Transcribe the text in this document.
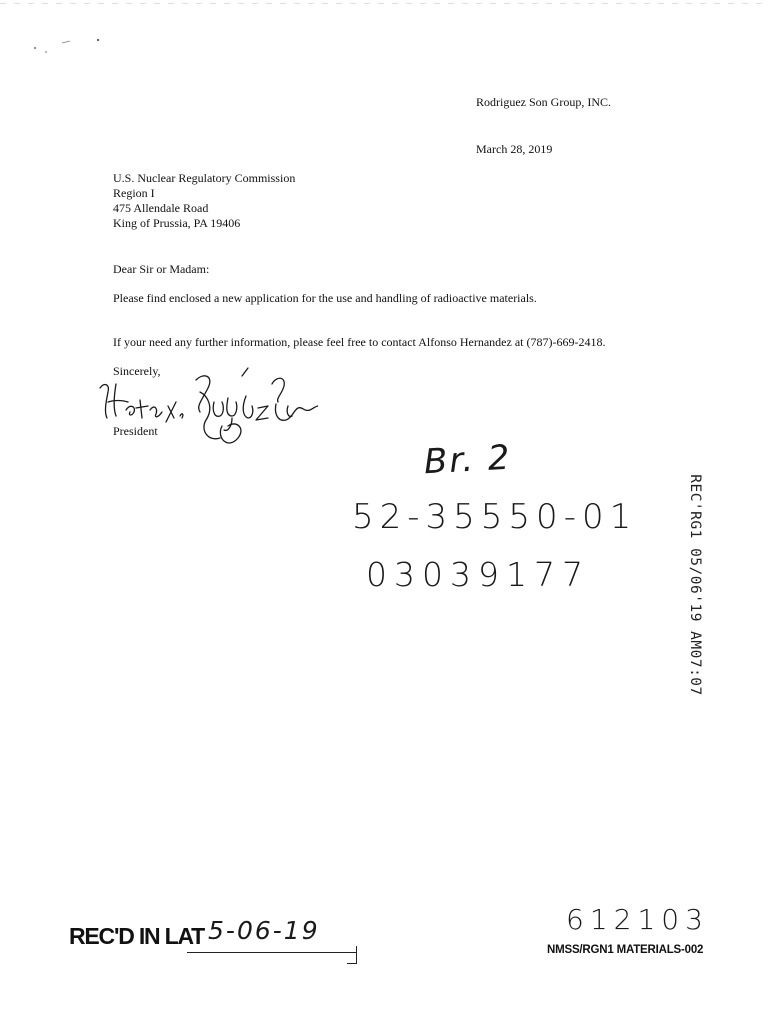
Rodriguez Son Group, INC.
March 28, 2019
U.S. Nuclear Regulatory Commission
Region I
475 Allendale Road
King of Prussia, PA 19406
Dear Sir or Madam:
Please find enclosed a new application for the use and handling of radioactive materials.
If your need any further information, please feel free to contact Alfonso Hernandez at (787)-669-2418.
Sincerely,
President
Br. 2
52-35550-01
03039177	REC'RG1 05/06'19 AM07:07
612103
NMSS/RGN1 MATERIALS-002
REC'D IN LAT 5-06-19
